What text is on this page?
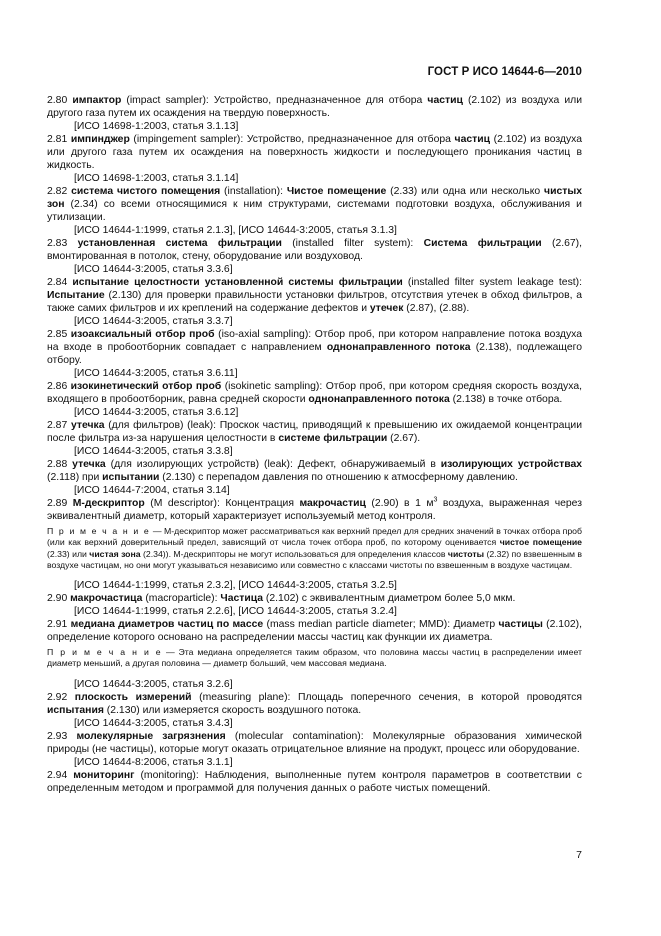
ГОСТ Р ИСО 14644-6—2010

2.80 импактор (impact sampler): Устройство, предназначенное для отбора частиц (2.102) из воздуха или другого газа путем их осаждения на твердую поверхность.

[ИСО 14698-1:2003, статья 3.1.13]

2.81 импинджер (impingement sampler): Устройство, предназначенное для отбора частиц (2.102) из воздуха или другого газа путем их осаждения на поверхность жидкости и последующего проникания частиц в жидкость.

[ИСО 14698-1:2003, статья 3.1.14]

2.82 система чистого помещения (installation): Чистое помещение (2.33) или одна или несколько чистых зон (2.34) со всеми относящимися к ним структурами, системами подготовки воздуха, обслуживания и утилизации.

[ИСО 14644-1:1999, статья 2.1.3], [ИСО 14644-3:2005, статья 3.1.3]

2.83 установленная система фильтрации (installed filter system): Система фильтрации (2.67), вмонтированная в потолок, стену, оборудование или воздуховод.

[ИСО 14644-3:2005, статья 3.3.6]

2.84 испытание целостности установленной системы фильтрации (installed filter system leakage test): Испытание (2.130) для проверки правильности установки фильтров, отсутствия утечек в обход фильтров, а также самих фильтров и их креплений на содержание дефектов и утечек (2.87), (2.88).

[ИСО 14644-3:2005, статья 3.3.7]

2.85 изоаксиальный отбор проб (iso-axial sampling): Отбор проб, при котором направление потока воздуха на входе в пробоотборник совпадает с направлением однонаправленного потока (2.138), подлежащего отбору.

[ИСО 14644-3:2005, статья 3.6.11]

2.86 изокинетический отбор проб (isokinetic sampling): Отбор проб, при котором средняя скорость воздуха, входящего в пробоотборник, равна средней скорости однонаправленного потока (2.138) в точке отбора.

[ИСО 14644-3:2005, статья 3.6.12]

2.87 утечка (для фильтров) (leak): Проскок частиц, приводящий к превышению их ожидаемой концентрации после фильтра из-за нарушения целостности в системе фильтрации (2.67).

[ИСО 14644-3:2005, статья 3.3.8]

2.88 утечка (для изолирующих устройств) (leak): Дефект, обнаруживаемый в изолирующих устройствах (2.118) при испытании (2.130) с перепадом давления по отношению к атмосферному давлению.

[ИСО 14644-7:2004, статья 3.14]

2.89 M-дескриптор (M descriptor): Концентрация макрочастиц (2.90) в 1 $м^3$ воздуха, выраженная через эквивалентный диаметр, который характеризует используемый метод контроля.

П р и м е ч а н и е — M-дескриптор может рассматриваться как верхний предел для средних значений в точках отбора проб (или как верхний доверительный предел, зависящий от числа точек отбора проб, по которому оценивается чистое помещение (2.33) или чистая зона (2.34)). M-дескрипторы не могут использоваться для определения классов чистоты (2.32) по взвешенным в воздухе частицам, но они могут указываться независимо или совместно с классами чистоты по взвешенным в воздухе частицам.

[ИСО 14644-1:1999, статья 2.3.2], [ИСО 14644-3:2005, статья 3.2.5]

2.90 макрочастица (macroparticle): Частица (2.102) с эквивалентным диаметром более 5,0 мкм.

[ИСО 14644-1:1999, статья 2.2.6], [ИСО 14644-3:2005, статья 3.2.4]

2.91 медиана диаметров частиц по массе (mass median particle diameter; MMD): Диаметр частицы (2.102), определение которого основано на распределении массы частиц как функции их диаметра.

П р и м е ч а н и е — Эта медиана определяется таким образом, что половина массы частиц в распределении имеет диаметр меньший, а другая половина — диаметр больший, чем массовая медиана.

[ИСО 14644-3:2005, статья 3.2.6]

2.92 плоскость измерений (measuring plane): Площадь поперечного сечения, в которой проводятся испытания (2.130) или измеряется скорость воздушного потока.

[ИСО 14644-3:2005, статья 3.4.3]

2.93 молекулярные загрязнения (molecular contamination): Молекулярные образования химической природы (не частицы), которые могут оказать отрицательное влияние на продукт, процесс или оборудование.

[ИСО 14644-8:2006, статья 3.1.1]

2.94 мониторинг (monitoring): Наблюдения, выполненные путем контроля параметров в соответствии с определенным методом и программой для получения данных о работе чистых помещений.

7
